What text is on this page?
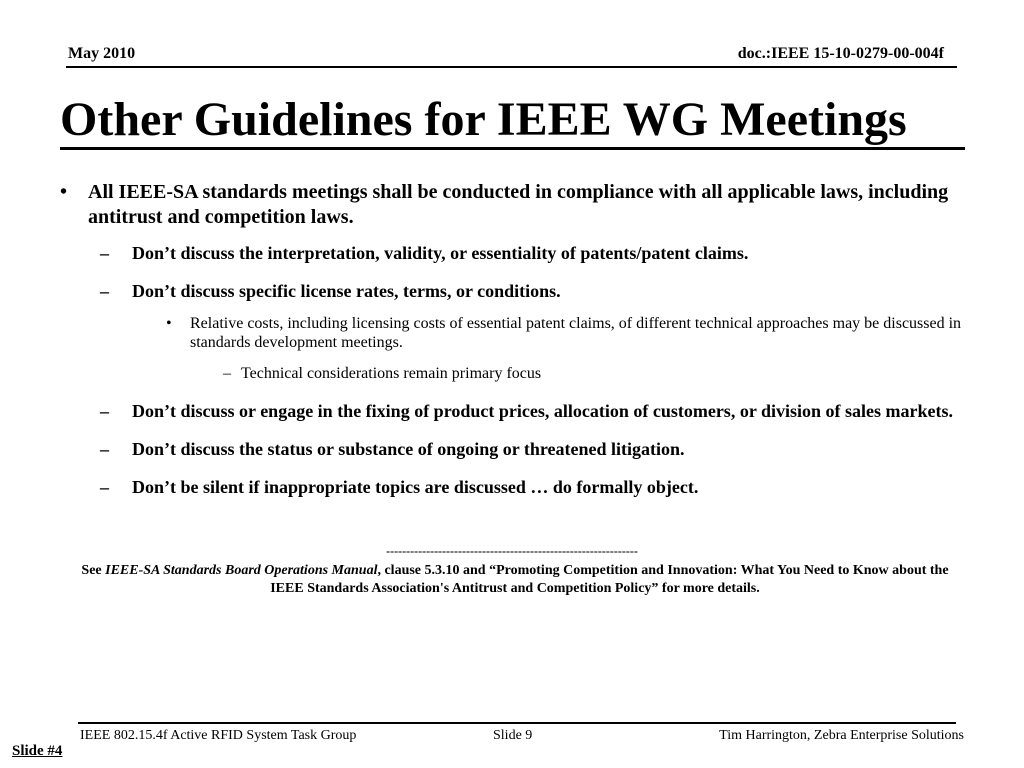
May 2010	doc.:IEEE 15-10-0279-00-004f
Other Guidelines for IEEE WG Meetings
• All IEEE-SA standards meetings shall be conducted in compliance with all applicable laws, including antitrust and competition laws.
– Don’t discuss the interpretation, validity, or essentiality of patents/patent claims.
– Don’t discuss specific license rates, terms, or conditions.
• Relative costs, including licensing costs of essential patent claims, of different technical approaches may be discussed in standards development meetings.
– Technical considerations remain primary focus
– Don’t discuss or engage in the fixing of product prices, allocation of customers, or division of sales markets.
– Don’t discuss the status or substance of ongoing or threatened litigation.
– Don’t be silent if inappropriate topics are discussed … do formally object.
---------------------------------------------------------------
See IEEE-SA Standards Board Operations Manual, clause 5.3.10 and “Promoting Competition and Innovation: What You Need to Know about the IEEE Standards Association's Antitrust and Competition Policy” for more details.
IEEE 802.15.4f Active RFID System Task Group	Slide 9	Tim Harrington, Zebra Enterprise Solutions
Slide #4
